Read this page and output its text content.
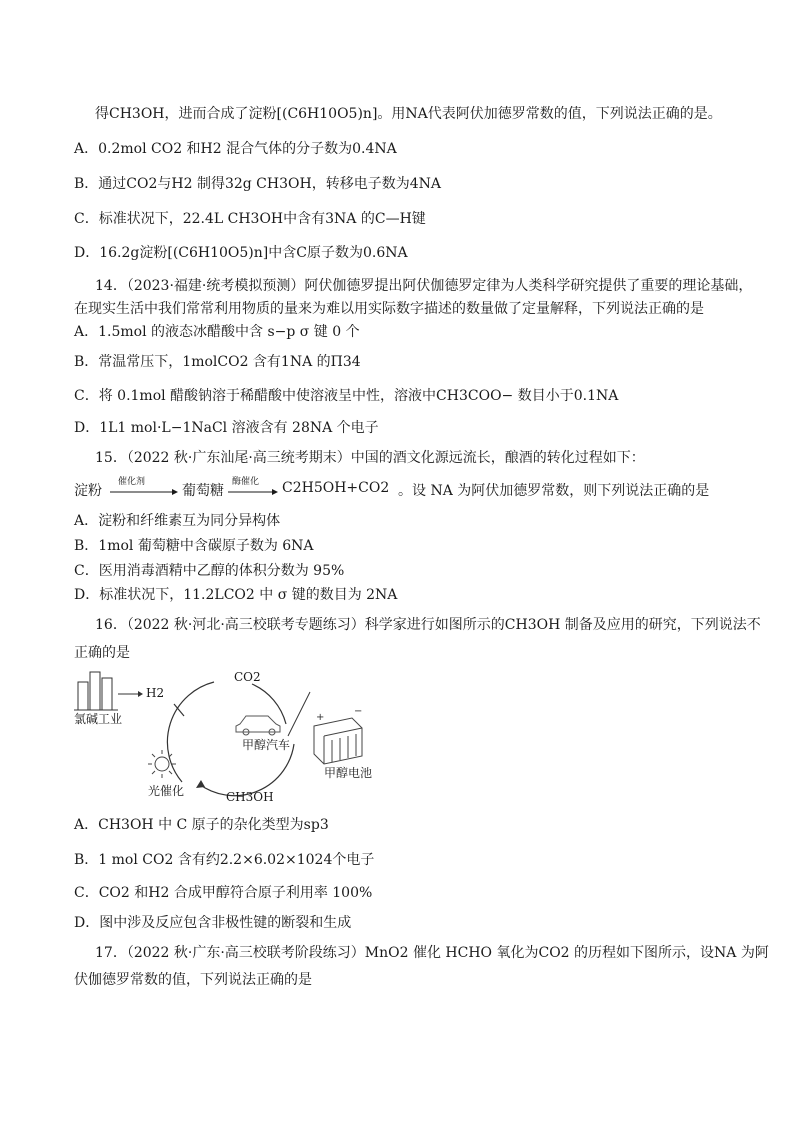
得CH3OH，进而合成了淀粉[(C6H10O5)n]。用NA代表阿伏加德罗常数的值，下列说法正确的是。
A．0.2mol CO2 和H2 混合气体的分子数为0.4NA
B．通过CO2与H2 制得32g CH3OH，转移电子数为4NA
C．标准状况下，22.4L CH3OH中含有3NA 的C—H键
D．16.2g淀粉[(C6H10O5)n]中含C原子数为0.6NA
14．（2023·福建·统考模拟预测）阿伏伽德罗提出阿伏伽德罗定律为人类科学研究提供了重要的理论基础，
在现实生活中我们常常利用物质的量来为难以用实际数字描述的数量做了定量解释，下列说法正确的是
A．1.5mol 的液态冰醋酸中含 s−p σ 键 0 个
B．常温常压下，1molCO2 含有1NA 的Π34
C．将 0.1mol 醋酸钠溶于稀醋酸中使溶液呈中性，溶液中CH3COO− 数目小于0.1NA
D．1L1 mol·L−1NaCl 溶液含有 28NA 个电子
15．（2022 秋·广东汕尾·高三统考期末）中国的酒文化源远流长，酿酒的转化过程如下：
淀粉
催化剂
葡萄糖
酶催化 C2H5OH+CO2 。设 NA 为阿伏加德罗常数，则下列说法正确的是
A．淀粉和纤维素互为同分异构体
B．1mol 葡萄糖中含碳原子数为 6NA
C．医用消毒酒精中乙醇的体积分数为 95%
D．标准状况下，11.2LCO2 中 σ 键的数目为 2NA
16．（2022 秋·河北·高三校联考专题练习）科学家进行如图所示的CH3OH 制备及应用的研究，下列说法不
正确的是
+
−
氯碱工业
H2
CO2
甲醇汽车
甲醇电池
光催化	CH3OH
A．CH3OH 中 C 原子的杂化类型为sp3
B．1 mol CO2 含有约2.2×6.02×1024个电子
C．CO2 和H2 合成甲醇符合原子利用率 100%
D．图中涉及反应包含非极性键的断裂和生成
17．（2022 秋·广东·高三校联考阶段练习）MnO2 催化 HCHO 氧化为CO2 的历程如下图所示，设NA 为阿
伏伽德罗常数的值，下列说法正确的是
